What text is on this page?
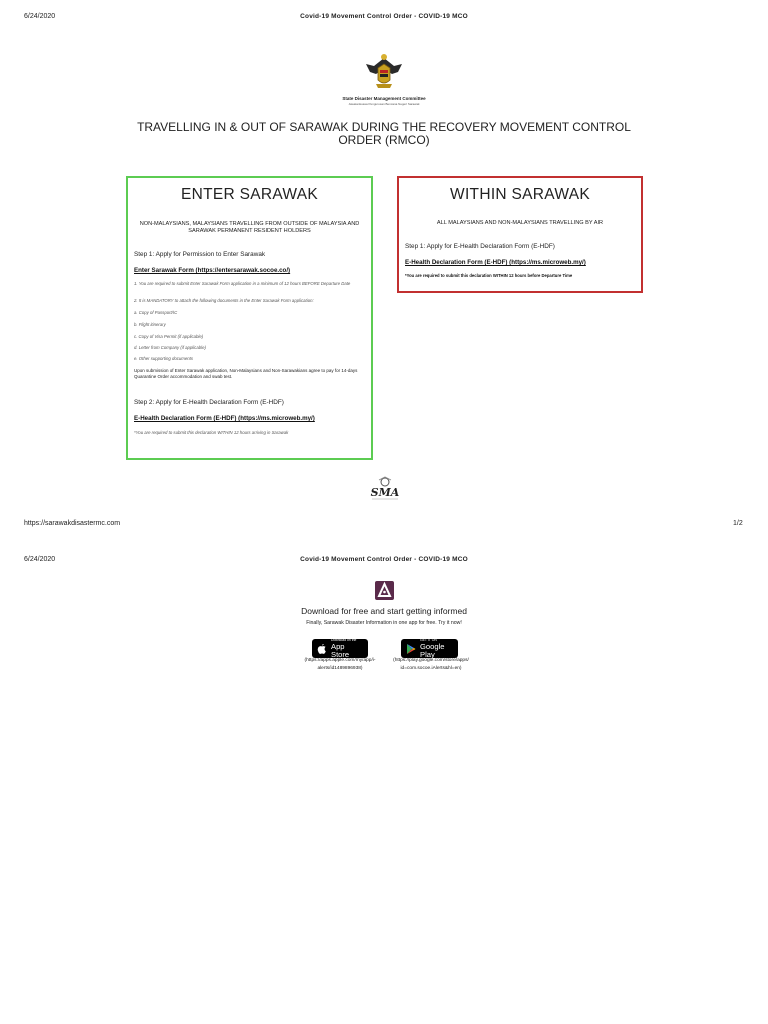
6/24/2020	Covid-19 Movement Control Order - COVID-19 MCO
State Disaster Management Committee
Jawatankuasa Pengurusan Bencana Negeri Sarawak
TRAVELLING IN & OUT OF SARAWAK DURING THE RECOVERY MOVEMENT CONTROL ORDER (RMCO)
ENTER SARAWAK
NON-MALAYSIANS, MALAYSIANS TRAVELLING FROM OUTSIDE OF MALAYSIA AND SARAWAK PERMANENT RESIDENT HOLDERS
Step 1: Apply for Permission to Enter Sarawak
Enter Sarawak Form (https://entersarawak.socoe.co/)
1. You are required to submit Enter Sarawak Form application in a minimum of 12 hours BEFORE Departure Date
2. It is MANDATORY to attach the following documents in the Enter Sarawak Form application:
a. Copy of Passport/IC
b. Flight itinerary
c. Copy of Visa Permit (if applicable)
d. Letter from Company (if applicable)
e. Other supporting documents
Upon submission of Enter Sarawak application, Non-Malaysians and Non-Sarawakians agree to pay for 14-days Quarantine Order accommodation and swab test.
Step 2: Apply for E-Health Declaration Form (E-HDF)
E-Health Declaration Form (E-HDF) (https://ms.microweb.my/)
*You are required to submit this declaration WITHIN 12 hours arriving in Sarawak
WITHIN SARAWAK
ALL MALAYSIANS AND NON-MALAYSIANS TRAVELLING BY AIR
Step 1: Apply for E-Health Declaration Form (E-HDF)
E-Health Declaration Form (E-HDF) (https://ms.microweb.my/)
*You are required to submit this declaration WITHIN 12 hours before Departure Time
SMA
https://sarawakdisastermc.com	1/2
6/24/2020	Covid-19 Movement Control Order - COVID-19 MCO
Download for free and start getting informed
Finally, Sarawak Disaster Information in one app for free. Try it now!
Download on the
App Store
GET IT ON
Google Play
(https://apps.apple.com/my/app/i-
alerts/id1489896938)
(https://play.google.com/store/apps/
id=com.socoe.iAlerts&hl=en)
